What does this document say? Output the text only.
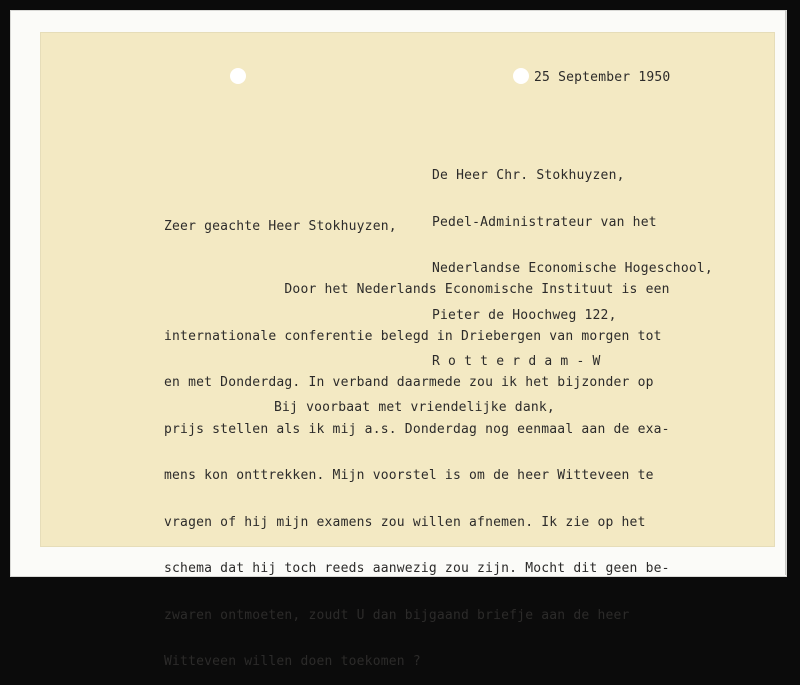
25 September 1950

De Heer Chr. Stokhuyzen,

Pedel-Administrateur van het

Nederlandse Economische Hogeschool,

Pieter de Hoochweg 122,

R o t t e r d a m - W

Zeer geachte Heer Stokhuyzen,

Door het Nederlands Economische Instituut is een

internationale conferentie belegd in Driebergen van morgen tot

en met Donderdag. In verband daarmede zou ik het bijzonder op

prijs stellen als ik mij a.s. Donderdag nog eenmaal aan de exa-

mens kon onttrekken. Mijn voorstel is om de heer Witteveen te

vragen of hij mijn examens zou willen afnemen. Ik zie op het

schema dat hij toch reeds aanwezig zou zijn. Mocht dit geen be-

zwaren ontmoeten, zoudt U dan bijgaand briefje aan de heer

Witteveen willen doen toekomen ?

Bij voorbaat met vriendelijke dank,
